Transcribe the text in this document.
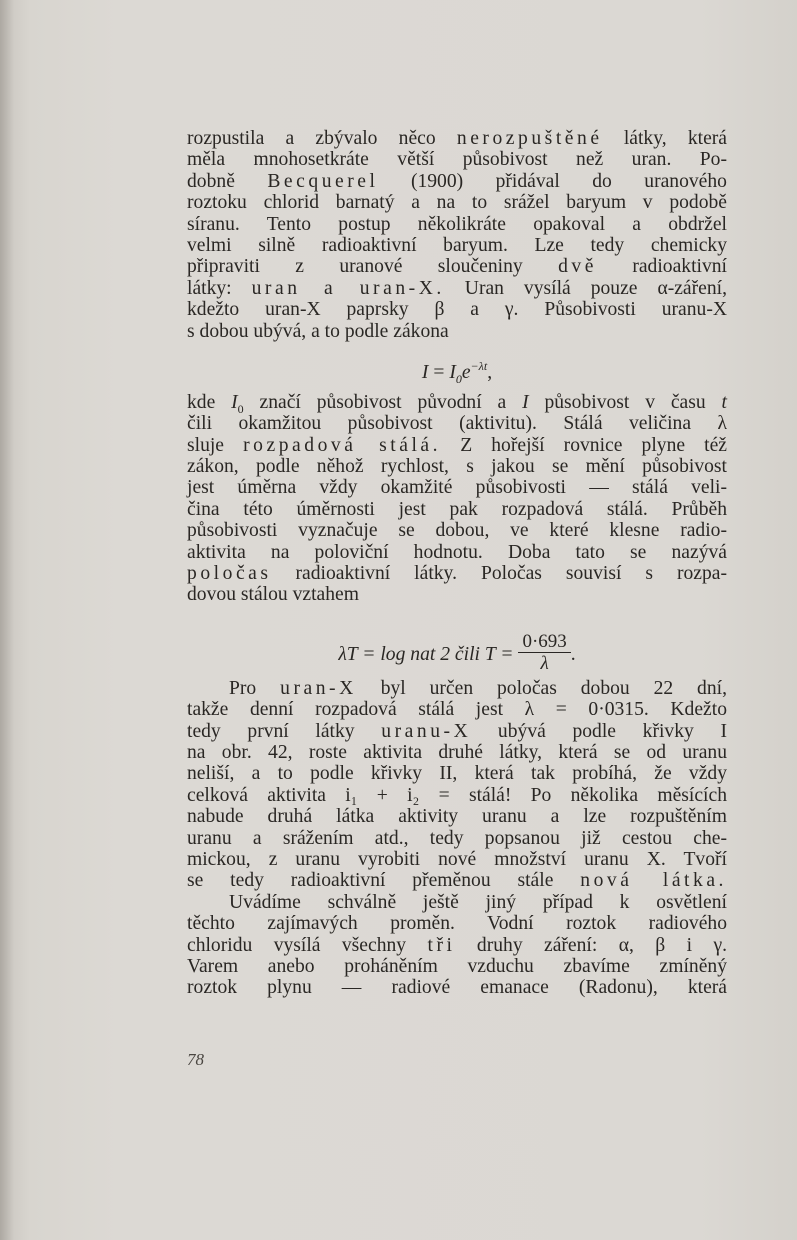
rozpustila a zbývalo něco nerozpuštěné látky, která
měla mnohosetkráte větší působivost než uran. Po-
dobně Becquerel (1900) přidával do uranového
roztoku chlorid barnatý a na to srážel baryum v podobě
síranu. Tento postup několikráte opakoval a obdržel
velmi silně radioaktivní baryum. Lze tedy chemicky
připraviti z uranové sloučeniny dvě radioaktivní
látky: uran a uran-X. Uran vysílá pouze α-záření,
kdežto uran-X paprsky β a γ. Působivosti uranu-X
s dobou ubývá, a to podle zákona
$I = I_0e^{-\lambda t}$,
kde $I_0$ značí působivost původní a I působivost v času t
čili okamžitou působivost (aktivitu). Stálá veličina λ
sluje rozpadová stálá. Z hořejší rovnice plyne též
zákon, podle něhož rychlost, s jakou se mění působivost
jest úměrna vždy okamžité působivosti — stálá veli-
čina této úměrnosti jest pak rozpadová stálá. Průběh
působivosti vyznačuje se dobou, ve které klesne radio-
aktivita na poloviční hodnotu. Doba tato se nazývá
poločas radioaktivní látky. Poločas souvisí s rozpa-
dovou stálou vztahem
λT = log nat 2 čili $T = \frac{0\cdot 693}{\lambda}$ .
Pro uran-X byl určen poločas dobou 22 dní,
takže denní rozpadová stálá jest λ = 0·0315. Kdežto
tedy první látky uranu-X ubývá podle křivky I
na obr. 42, roste aktivita druhé látky, která se od uranu
neliší, a to podle křivky II, která tak probíhá, že vždy
celková aktivita i₁ + i₂ = stálá! Po několika měsících
nabude druhá látka aktivity uranu a lze rozpuštěním
uranu a srážením atd., tedy popsanou již cestou che-
mickou, z uranu vyrobiti nové množství uranu X. Tvoří
se tedy radioaktivní přeměnou stále nová látka.
Uvádíme schválně ještě jiný případ k osvětlení
těchto zajímavých proměn. Vodní roztok radiového
chloridu vysílá všechny tři druhy záření: α, β i γ.
Varem anebo proháněním vzduchu zbavíme zmíněný
roztok plynu — radiové emanace (Radonu), která
78
